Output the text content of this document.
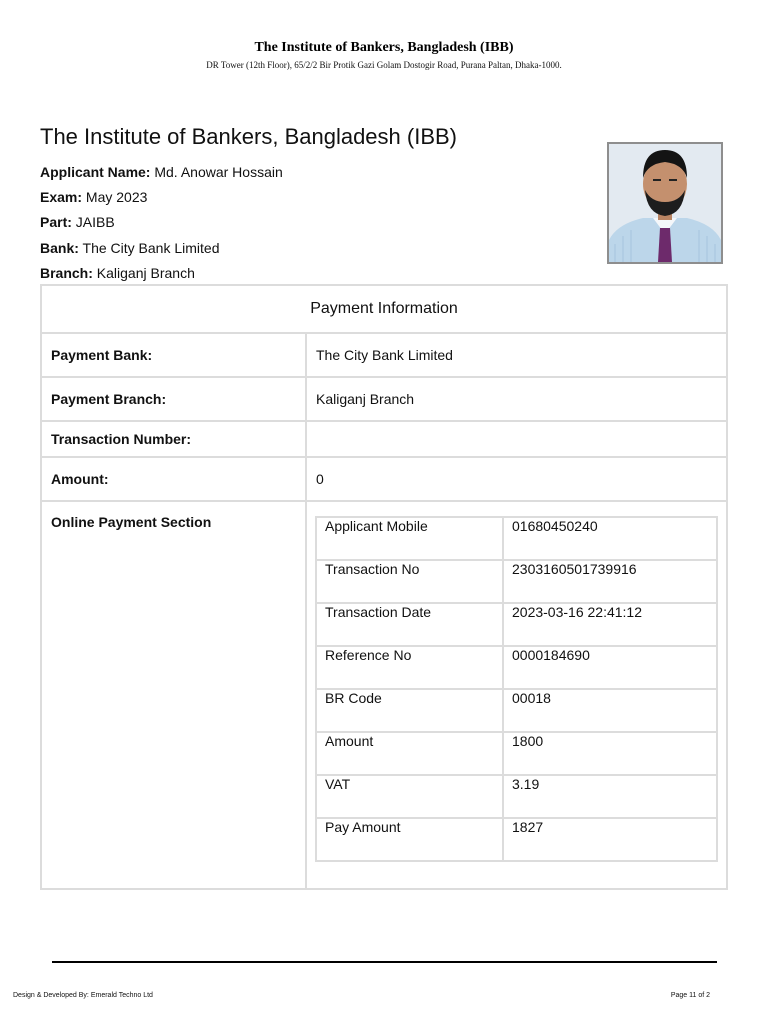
The Institute of Bankers, Bangladesh (IBB)
DR Tower (12th Floor), 65/2/2 Bir Protik Gazi Golam Dostogir Road, Purana Paltan, Dhaka-1000.
The Institute of Bankers, Bangladesh (IBB)
Applicant Name: Md. Anowar Hossain
Exam: May 2023
Part: JAIBB
Bank: The City Bank Limited
Branch: Kaliganj Branch
Payment Information
Payment Bank:	The City Bank Limited
Payment Branch:	Kaliganj Branch
Transaction Number:	
Amount:	0
Online Payment Section		Applicant Mobile	01680450240
Transaction No	2303160501739916
Transaction Date	2023-03-16 22:41:12
Reference No	0000184690
BR Code	00018
Amount	1800
VAT	3.19
Pay Amount	1827
Design & Developed By: Emerald Techno Ltd	Page 11 of 2
